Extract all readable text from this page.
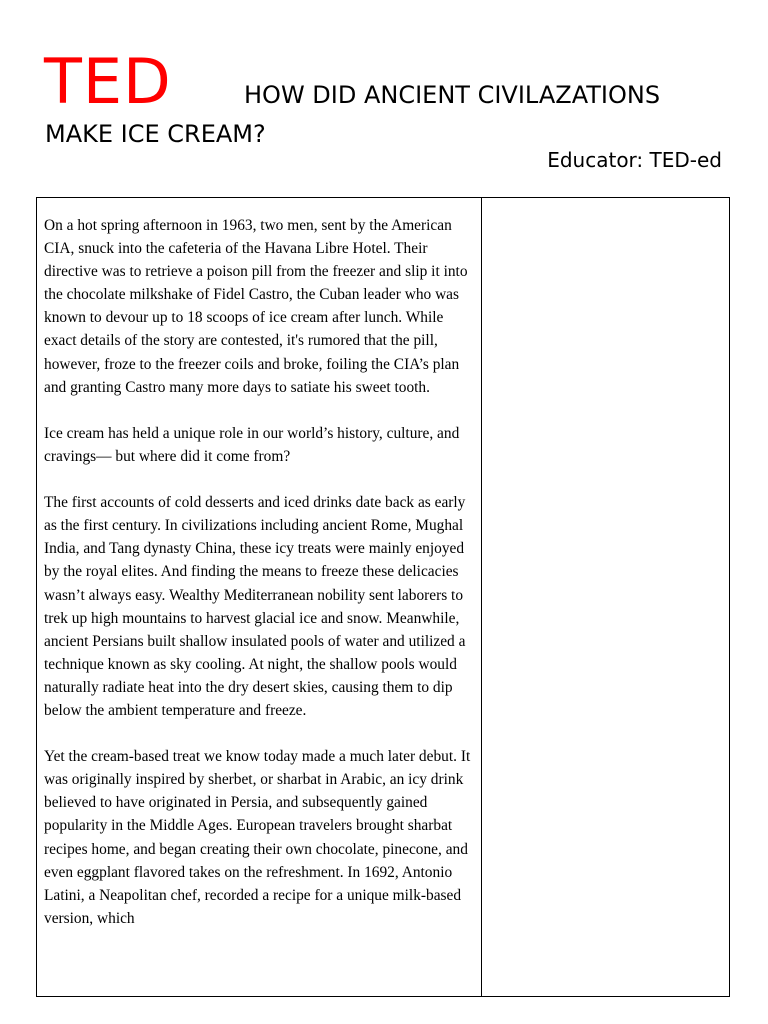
TED	HOW DID ANCIENT CIVILAZATIONS
MAKE ICE CREAM?
Educator: TED-ed

On a hot spring afternoon in 1963, two men, sent by the American CIA, snuck into the cafeteria of the Havana Libre Hotel. Their directive was to retrieve a poison pill from the freezer and slip it into the chocolate milkshake of Fidel Castro, the Cuban leader who was known to devour up to 18 scoops of ice cream after lunch. While exact details of the story are contested, it's rumored that the pill, however, froze to the freezer coils and broke, foiling the CIA’s plan and granting Castro many more days to satiate his sweet tooth.

Ice cream has held a unique role in our world’s history, culture, and cravings— but where did it come from?

The first accounts of cold desserts and iced drinks date back as early as the first century. In civilizations including ancient Rome, Mughal India, and Tang dynasty China, these icy treats were mainly enjoyed by the royal elites. And finding the means to freeze these delicacies wasn’t always easy. Wealthy Mediterranean nobility sent laborers to trek up high mountains to harvest glacial ice and snow. Meanwhile, ancient Persians built shallow insulated pools of water and utilized a technique known as sky cooling. At night, the shallow pools would naturally radiate heat into the dry desert skies, causing them to dip below the ambient temperature and freeze.

Yet the cream-based treat we know today made a much later debut. It was originally inspired by sherbet, or sharbat in Arabic, an icy drink believed to have originated in Persia, and subsequently gained popularity in the Middle Ages. European travelers brought sharbat recipes home, and began creating their own chocolate, pinecone, and even eggplant flavored takes on the refreshment. In 1692, Antonio Latini, a Neapolitan chef, recorded a recipe for a unique milk-based version, which
